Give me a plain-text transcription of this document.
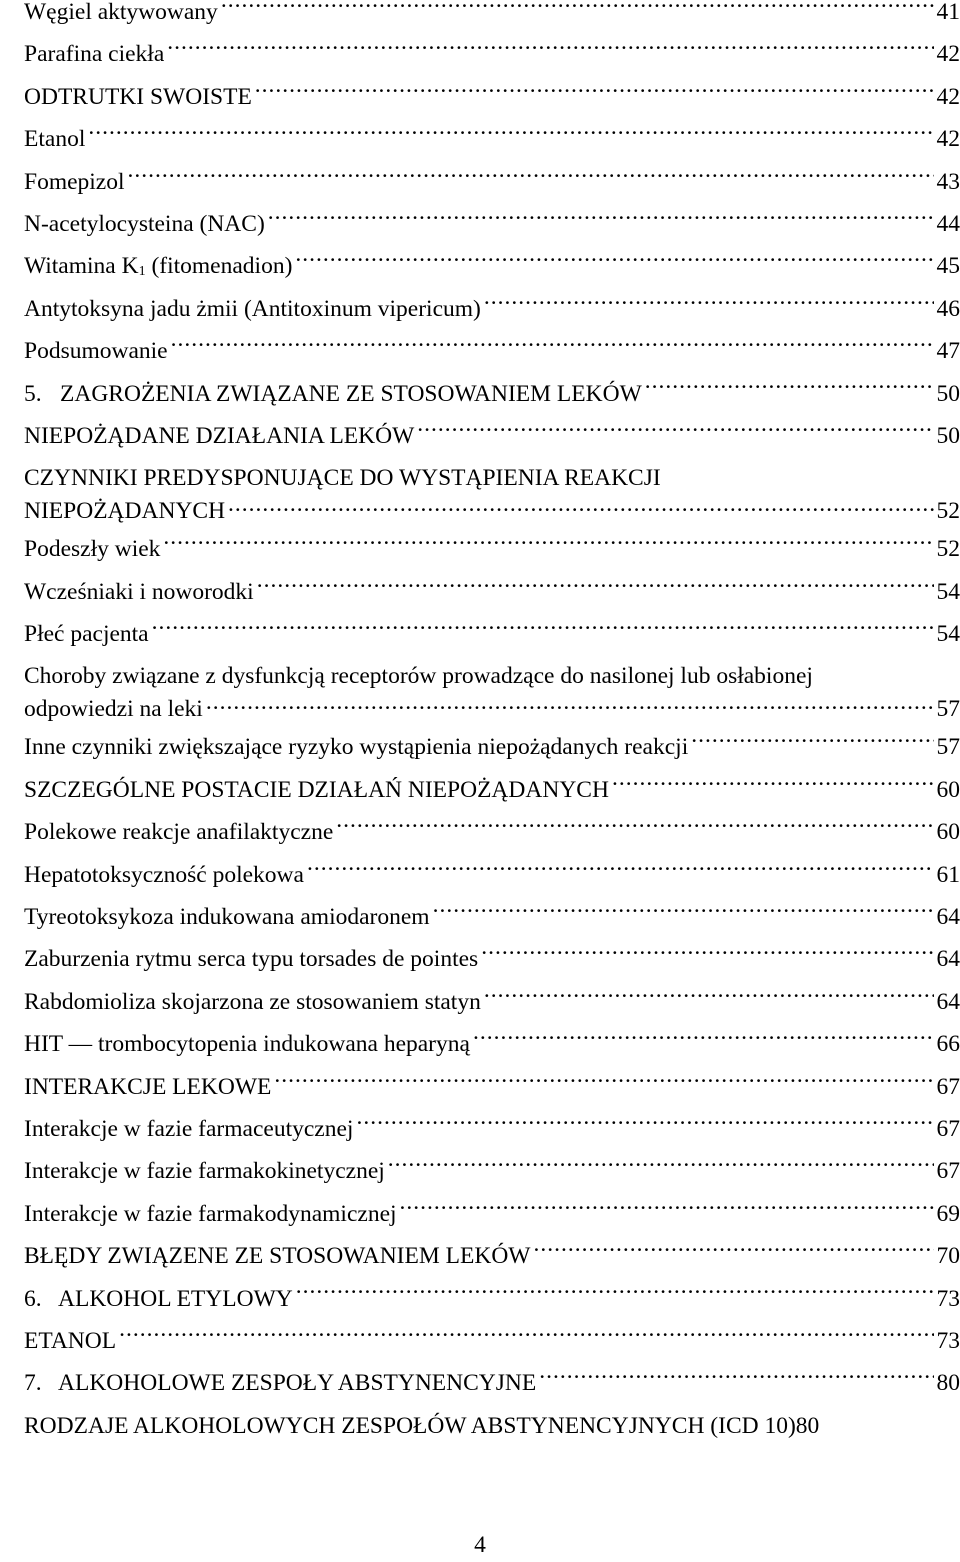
Węgiel aktywowany .....	41
Parafina ciekła .....	42
ODTRUTKI SWOISTE .....	42
Etanol .....	42
Fomepizol .....	43
N-acetylocysteina (NAC) .....	44
Witamina $K_1$ (fitomenadion) .....	45
Antytoksyna jadu żmii (Antitoxinum vipericum) .....	46
Podsumowanie .....	47
5. ZAGROŻENIA ZWIĄZANE ZE STOSOWANIEM LEKÓW .....	50
NIEPOŻĄDANE DZIAŁANIA LEKÓW .....	50
CZYNNIKI PREDYSPONUJĄCE DO WYSTĄPIENIA REAKCJI
NIEPOŻĄDANYCH .....	52
Podeszły wiek .....	52
Wcześniaki i noworodki .....	54
Płeć pacjenta .....	54
Choroby związane z dysfunkcją receptorów prowadzące do nasilonej lub osłabionej
odpowiedzi na leki .....	57
Inne czynniki zwiększające ryzyko wystąpienia niepożądanych reakcji .....	57
SZCZEGÓLNE POSTACIE DZIAŁAŃ NIEPOŻĄDANYCH .....	60
Polekowe reakcje anafilaktyczne .....	60
Hepatotoksyczność polekowa .....	61
Tyreotoksykoza indukowana amiodaronem .....	64
Zaburzenia rytmu serca typu torsades de pointes .....	64
Rabdomioliza skojarzona ze stosowaniem statyn .....	64
HIT — trombocytopenia indukowana heparyną .....	66
INTERAKCJE LEKOWE .....	67
Interakcje w fazie farmaceutycznej .....	67
Interakcje w fazie farmakokinetycznej .....	67
Interakcje w fazie farmakodynamicznej .....	69
BŁĘDY ZWIĄZENE ZE STOSOWANIEM LEKÓW .....	70
6. ALKOHOL ETYLOWY .....	73
ETANOL .....	73
7. ALKOHOLOWE ZESPOŁY ABSTYNENCYJNE .....	80
RODZAJE ALKOHOLOWYCH ZESPOŁÓW ABSTYNENCYJNYCH (ICD 10) 80
4
